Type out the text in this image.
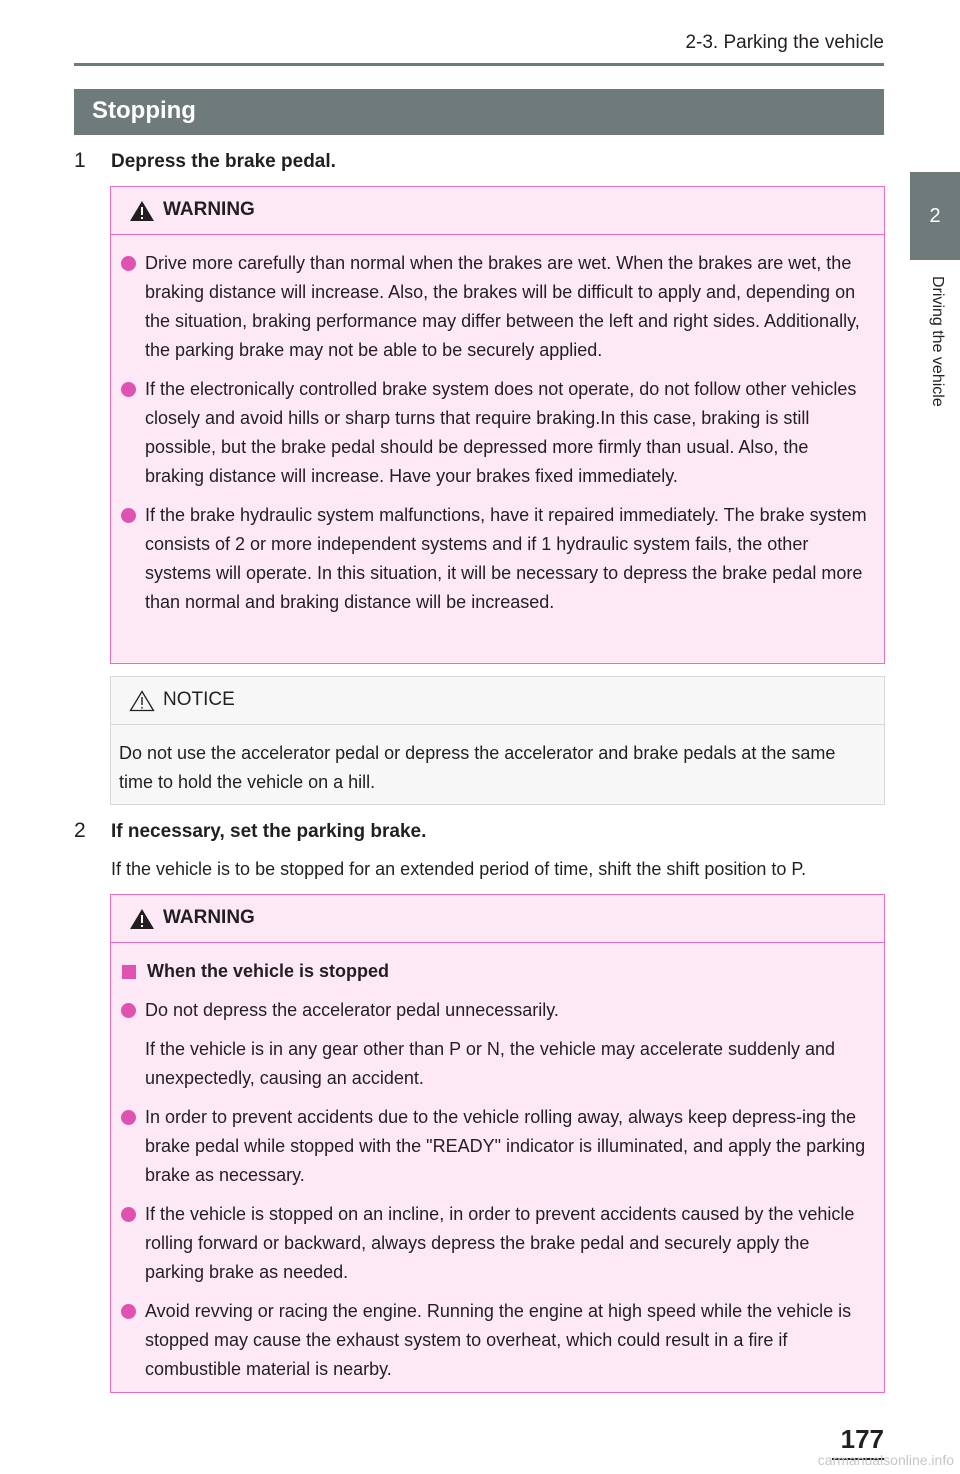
2-3. Parking the vehicle
2
Driving the vehicle
Stopping
1 Depress the brake pedal.
WARNING

Drive more carefully than normal when the brakes are wet. When the brakes are wet, the braking distance will increase. Also, the brakes will be difficult to apply and, depending on the situation, braking performance may differ between the left and right sides. Additionally, the parking brake may not be able to be securely applied.

If the electronically controlled brake system does not operate, do not follow other vehicles closely and avoid hills or sharp turns that require braking.In this case, braking is still possible, but the brake pedal should be depressed more firmly than usual. Also, the braking distance will increase. Have your brakes fixed immediately.

If the brake hydraulic system malfunctions, have it repaired immediately. The brake system consists of 2 or more independent systems and if 1 hydraulic system fails, the other systems will operate. In this situation, it will be necessary to depress the brake pedal more than normal and braking distance will be increased.

NOTICE

Do not use the accelerator pedal or depress the accelerator and brake pedals at the same time to hold the vehicle on a hill.

2 If necessary, set the parking brake.
If the vehicle is to be stopped for an extended period of time, shift the shift position to P.
WARNING
When the vehicle is stopped

Do not depress the accelerator pedal unnecessarily.

If the vehicle is in any gear other than P or N, the vehicle may accelerate suddenly and unexpectedly, causing an accident.

In order to prevent accidents due to the vehicle rolling away, always keep depress-ing the brake pedal while stopped with the "READY" indicator is illuminated, and apply the parking brake as necessary.

If the vehicle is stopped on an incline, in order to prevent accidents caused by the vehicle rolling forward or backward, always depress the brake pedal and securely apply the parking brake as needed.

Avoid revving or racing the engine. Running the engine at high speed while the vehicle is stopped may cause the exhaust system to overheat, which could result in a fire if combustible material is nearby.

177
carmanualsonline.info
